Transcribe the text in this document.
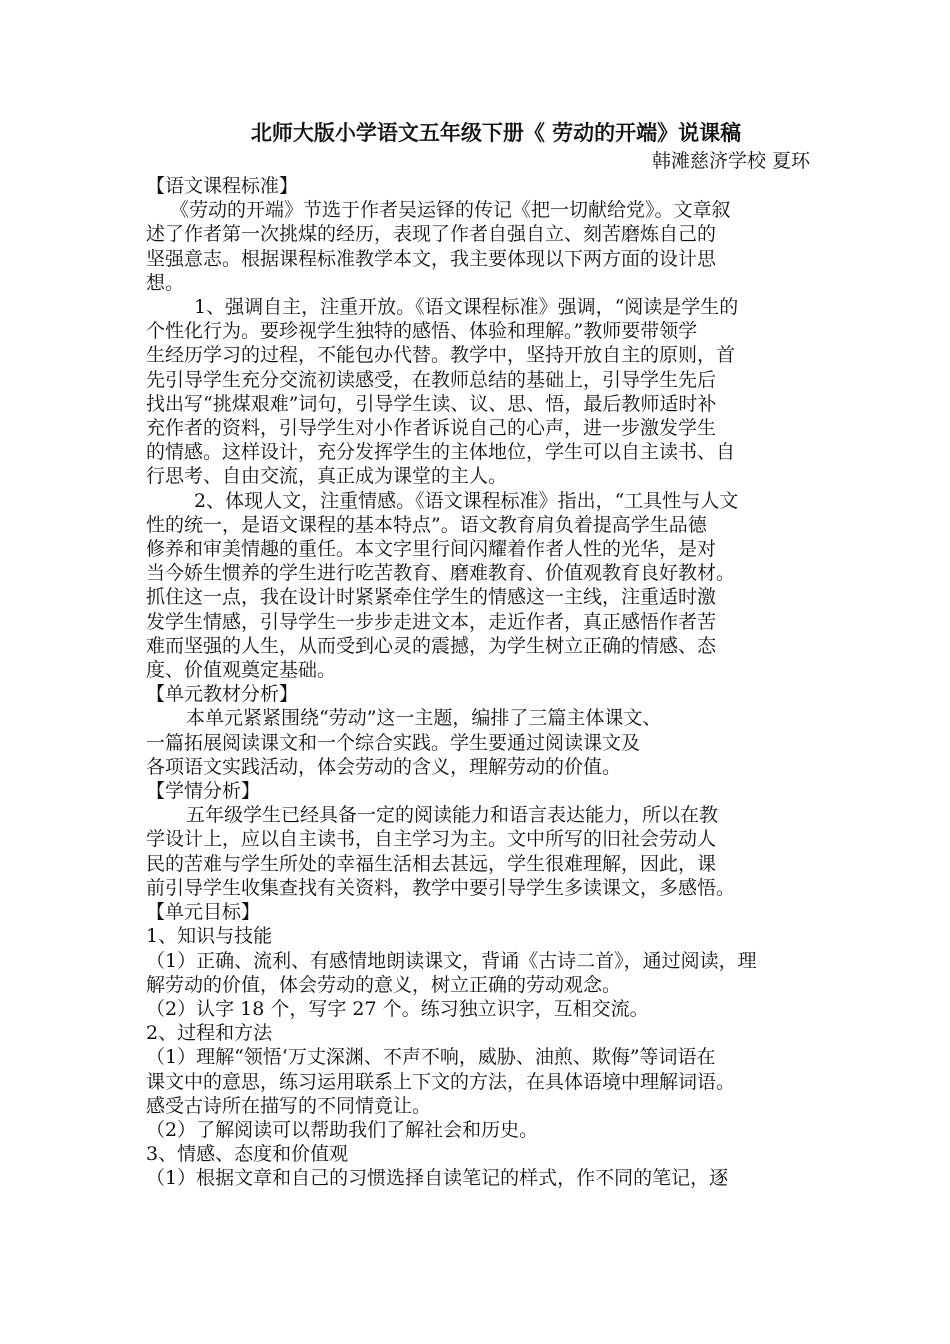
北师大版小学语文五年级下册《 劳动的开端》说课稿

韩滩慈济学校 夏环

【语文课程标准】

《劳动的开端》节选于作者吴运铎的传记《把一切献给党》。文章叙

述了作者第一次挑煤的经历，表现了作者自强自立、刻苦磨炼自己的

坚强意志。根据课程标准教学本文，我主要体现以下两方面的设计思

想。

1、强调自主，注重开放。《语文课程标准》强调，“阅读是学生的

个性化行为。要珍视学生独特的感悟、体验和理解。”教师要带领学

生经历学习的过程，不能包办代替。教学中，坚持开放自主的原则，首

先引导学生充分交流初读感受，在教师总结的基础上，引导学生先后

找出写“挑煤艰难”词句，引导学生读、议、思、悟，最后教师适时补

充作者的资料，引导学生对小作者诉说自己的心声，进一步激发学生

的情感。这样设计，充分发挥学生的主体地位，学生可以自主读书、自

行思考、自由交流，真正成为课堂的主人。

2、体现人文，注重情感。《语文课程标准》指出，“工具性与人文

性的统一，是语文课程的基本特点”。语文教育肩负着提高学生品德

修养和审美情趣的重任。本文字里行间闪耀着作者人性的光华，是对

当今娇生惯养的学生进行吃苦教育、磨难教育、价值观教育良好教材。

抓住这一点，我在设计时紧紧牵住学生的情感这一主线，注重适时激

发学生情感，引导学生一步步走进文本，走近作者，真正感悟作者苦

难而坚强的人生，从而受到心灵的震撼，为学生树立正确的情感、态

度、价值观奠定基础。

【单元教材分析】

本单元紧紧围绕“劳动”这一主题，编排了三篇主体课文、

一篇拓展阅读课文和一个综合实践。学生要通过阅读课文及

各项语文实践活动，体会劳动的含义，理解劳动的价值。

【学情分析】

五年级学生已经具备一定的阅读能力和语言表达能力，所以在教

学设计上，应以自主读书，自主学习为主。文中所写的旧社会劳动人

民的苦难与学生所处的幸福生活相去甚远，学生很难理解，因此，课

前引导学生收集查找有关资料，教学中要引导学生多读课文，多感悟。

【单元目标】

1、知识与技能

（1）正确、流利、有感情地朗读课文，背诵《古诗二首》，通过阅读，理

解劳动的价值，体会劳动的意义，树立正确的劳动观念。

（2）认字 18 个，写字 27 个。练习独立识字，互相交流。

2、过程和方法

（1）理解“领悟‘万丈深渊、不声不响，威胁、油煎、欺侮”等词语在

课文中的意思，练习运用联系上下文的方法，在具体语境中理解词语。

感受古诗所在描写的不同情竟让。

（2）了解阅读可以帮助我们了解社会和历史。

3、情感、态度和价值观

（1）根据文章和自己的习惯选择自读笔记的样式，作不同的笔记，逐
